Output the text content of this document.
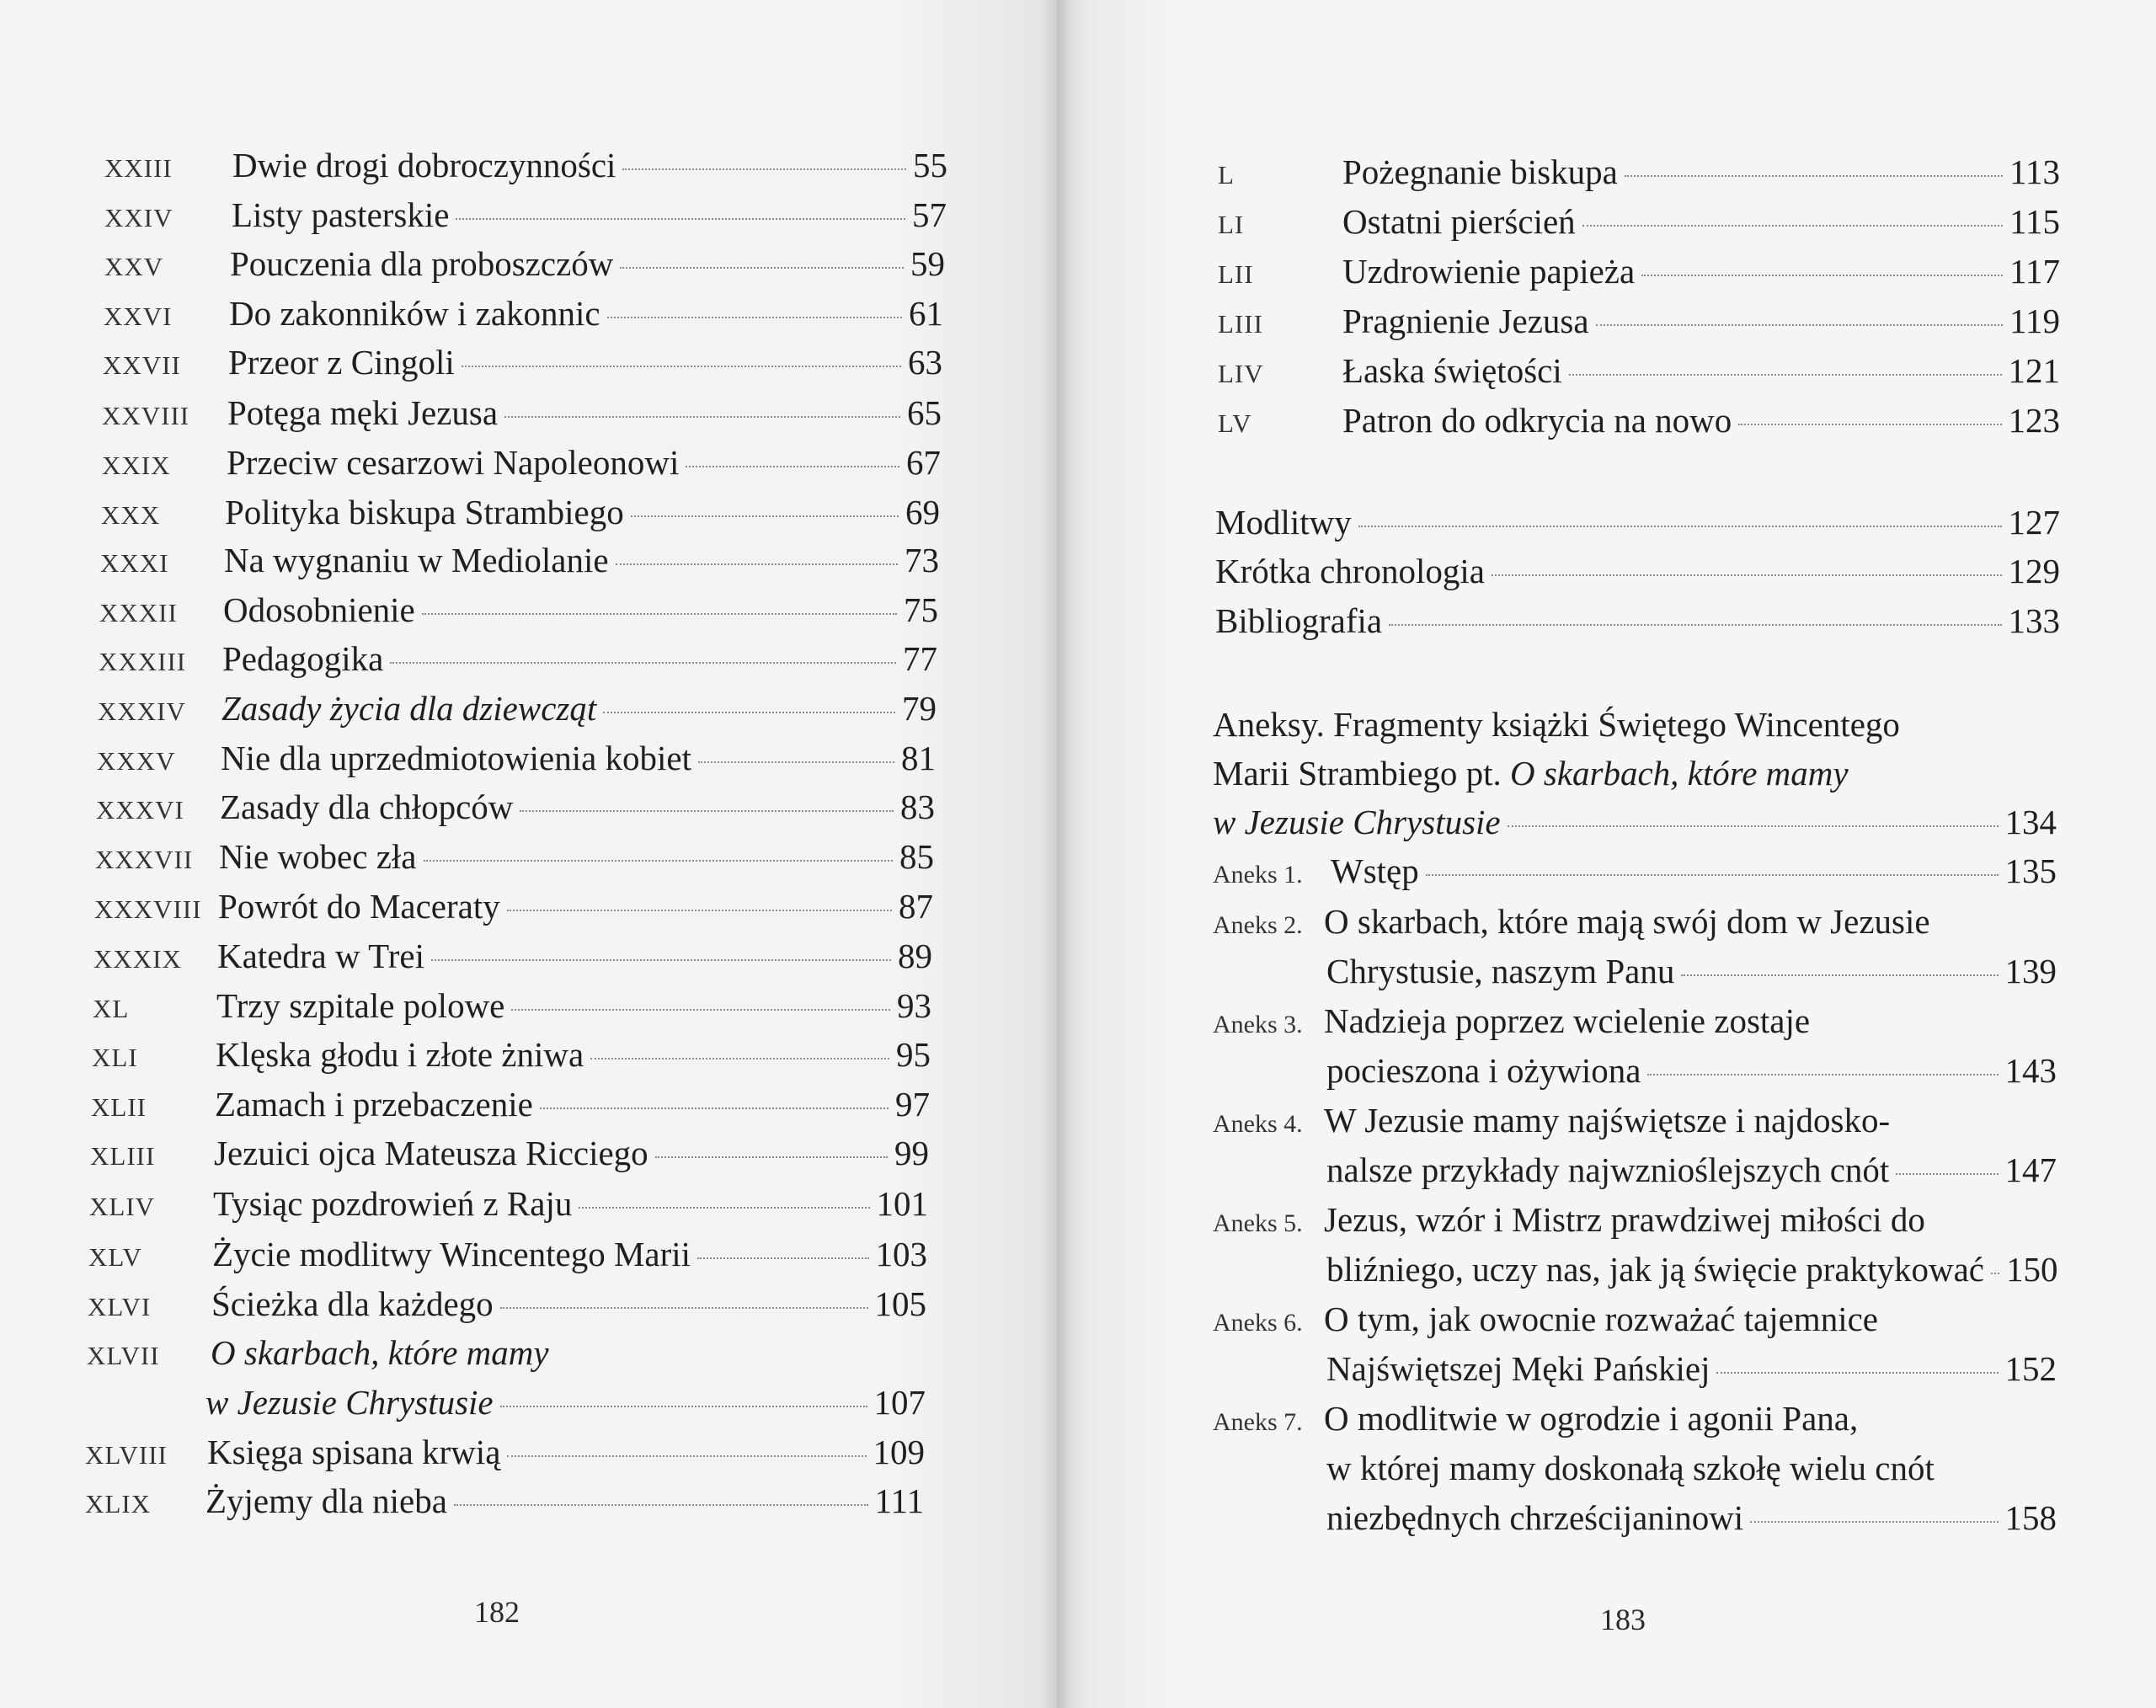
XXIII Dwie drogi dobroczynności	55
XXIV Listy pasterskie	57
XXV Pouczenia dla proboszczów	59
XXVI Do zakonników i zakonnic	61
XXVII Przeor z Cingoli	63
XXVIII Potęga męki Jezusa	65
XXIX Przeciw cesarzowi Napoleonowi	67
XXX Polityka biskupa Strambiego	69
XXXI Na wygnaniu w Mediolanie	73
XXXII Odosobnienie	75
XXXIII Pedagogika	77
XXXIV Zasady życia dla dziewcząt	79
XXXV Nie dla uprzedmiotowienia kobiet	81
XXXVI Zasady dla chłopców	83
XXXVII Nie wobec zła	85
XXXVIII Powrót do Maceraty	87
XXXIX Katedra w Trei	89
XL	Trzy szpitale polowe	93
XLI Klęska głodu i złote żniwa	95
XLII Zamach i przebaczenie	97
XLIII Jezuici ojca Mateusza Ricciego	99
XLIV Tysiąc pozdrowień z Raju	101
XLV Życie modlitwy Wincentego Marii	103
XLVI Ścieżka dla każdego	105
XLVII O skarbach, które mamy
w Jezusie Chrystusie	107
XLVIII Księga spisana krwią	109
XLIX Żyjemy dla nieba	111
182
L	Pożegnanie biskupa	113
LI	Ostatni pierścień	115
LII	Uzdrowienie papieża	117
LIII Pragnienie Jezusa	119
LIV Łaska świętości	121
LV	Patron do odkrycia na nowo	123
Modlitwy	127
Krótka chronologia	129
Bibliografia	133
Aneksy. Fragmenty książki Świętego Wincentego
Marii Strambiego pt. O skarbach, które mamy
w Jezusie Chrystusie	134
Aneks 1. Wstęp	135
Aneks 2. O skarbach, które mają swój dom w Jezusie
Chrystusie, naszym Panu	139
Aneks 3. Nadzieja poprzez wcielenie zostaje
pocieszona i ożywiona	143
Aneks 4. W Jezusie mamy najświętsze i najdosko-
nalsze przykłady najwznioślejszych cnót	147
Aneks 5. Jezus, wzór i Mistrz prawdziwej miłości do
bliźniego, uczy nas, jak ją święcie praktykować 150
Aneks 6. O tym, jak owocnie rozważać tajemnice
Najświętszej Męki Pańskiej	152
Aneks 7. O modlitwie w ogrodzie i agonii Pana,
w której mamy doskonałą szkołę wielu cnót
niezbędnych chrześcijaninowi	158
183
